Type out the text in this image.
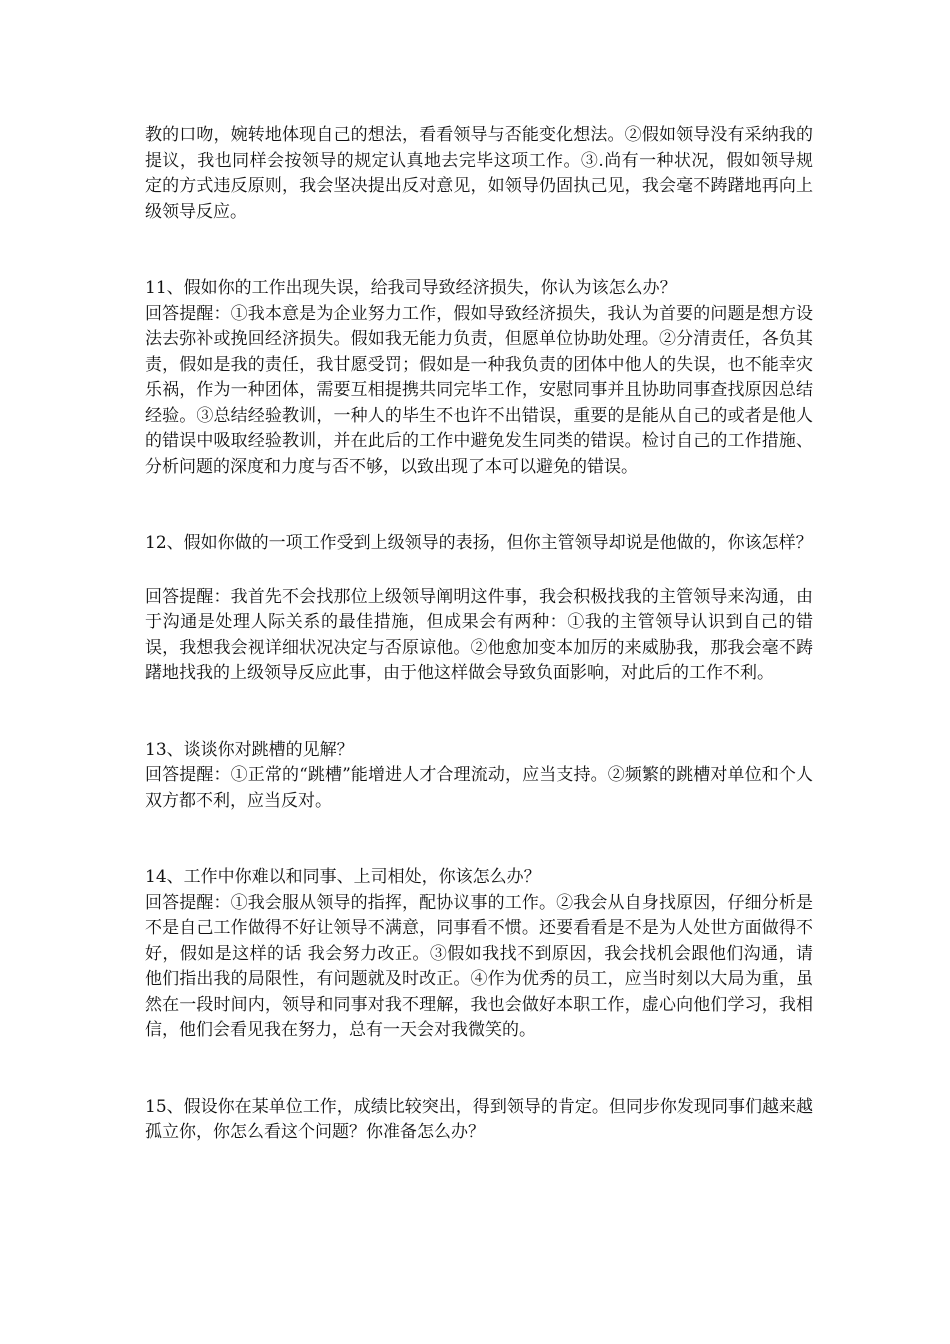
教的口吻，婉转地体现自己的想法，看看领导与否能变化想法。②假如领导没有采纳我的提议，我也同样会按领导的规定认真地去完毕这项工作。③.尚有一种状况，假如领导规定的方式违反原则，我会坚决提出反对意见，如领导仍固执己见，我会毫不踌躇地再向上级领导反应。

11、假如你的工作出现失误，给我司导致经济损失，你认为该怎么办？

回答提醒：①我本意是为企业努力工作，假如导致经济损失，我认为首要的问题是想方设法去弥补或挽回经济损失。假如我无能力负责，但愿单位协助处理。②分清责任，各负其责，假如是我的责任，我甘愿受罚；假如是一种我负责的团体中他人的失误，也不能幸灾乐祸，作为一种团体，需要互相提携共同完毕工作，安慰同事并且协助同事查找原因总结经验。③总结经验教训，一种人的毕生不也许不出错误，重要的是能从自己的或者是他人的错误中吸取经验教训，并在此后的工作中避免发生同类的错误。检讨自己的工作措施、分析问题的深度和力度与否不够，以致出现了本可以避免的错误。

12、假如你做的一项工作受到上级领导的表扬，但你主管领导却说是他做的，你该怎样？

回答提醒：我首先不会找那位上级领导阐明这件事，我会积极找我的主管领导来沟通，由于沟通是处理人际关系的最佳措施，但成果会有两种：①我的主管领导认识到自己的错误，我想我会视详细状况决定与否原谅他。②他愈加变本加厉的来威胁我，那我会毫不踌躇地找我的上级领导反应此事，由于他这样做会导致负面影响，对此后的工作不利。

13、谈谈你对跳槽的见解？

回答提醒：①正常的“跳槽”能增进人才合理流动，应当支持。②频繁的跳槽对单位和个人双方都不利，应当反对。

14、工作中你难以和同事、上司相处，你该怎么办？

回答提醒：①我会服从领导的指挥，配协议事的工作。②我会从自身找原因，仔细分析是不是自己工作做得不好让领导不满意，同事看不惯。还要看看是不是为人处世方面做得不好，假如是这样的话 我会努力改正。③假如我找不到原因，我会找机会跟他们沟通，请他们指出我的局限性，有问题就及时改正。④作为优秀的员工，应当时刻以大局为重，虽然在一段时间内，领导和同事对我不理解，我也会做好本职工作，虚心向他们学习，我相信，他们会看见我在努力，总有一天会对我微笑的。

15、假设你在某单位工作，成绩比较突出，得到领导的肯定。但同步你发现同事们越来越孤立你，你怎么看这个问题？你准备怎么办？
